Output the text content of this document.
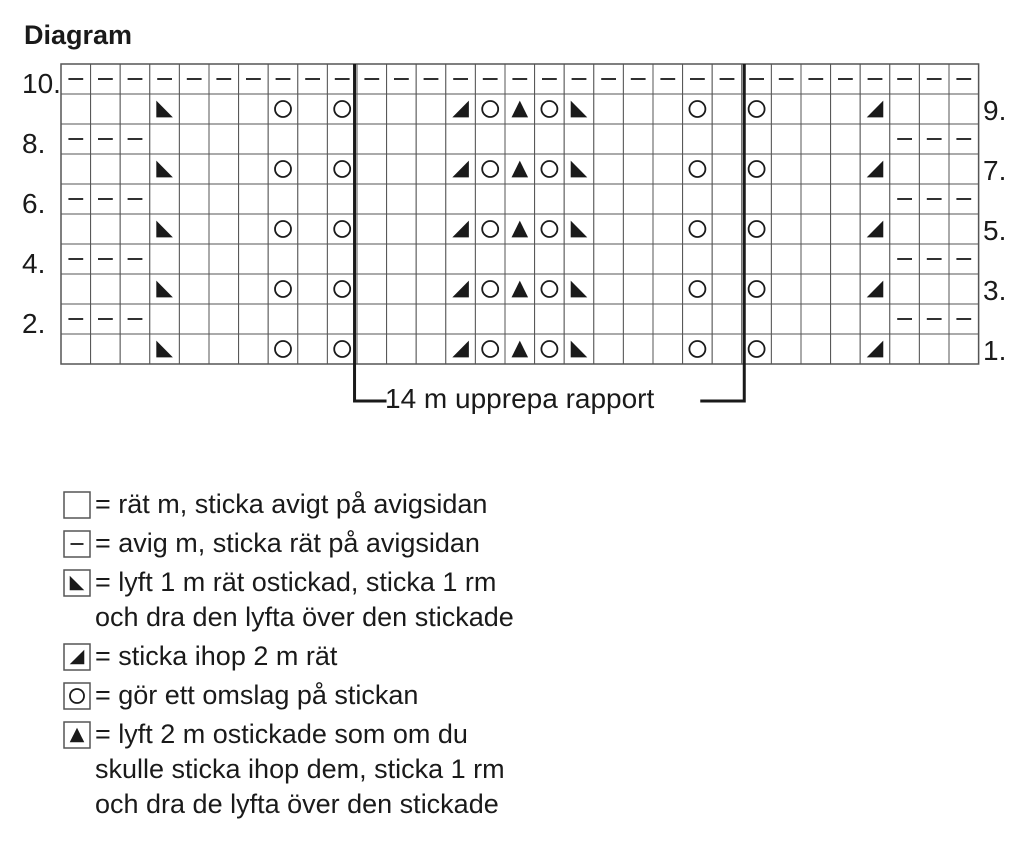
Diagram
10.
8.
6.
4.
2.
9.
7.
5.
3.
1.
14 m upprepa rapport
= rät m, sticka avigt på avigsidan
= avig m, sticka rät på avigsidan
= lyft 1 m rät ostickad, sticka 1 rm
och dra den lyfta över den stickade
= sticka ihop 2 m rät
= gör ett omslag på stickan
= lyft 2 m ostickade som om du
skulle sticka ihop dem, sticka 1 rm
och dra de lyfta över den stickade
